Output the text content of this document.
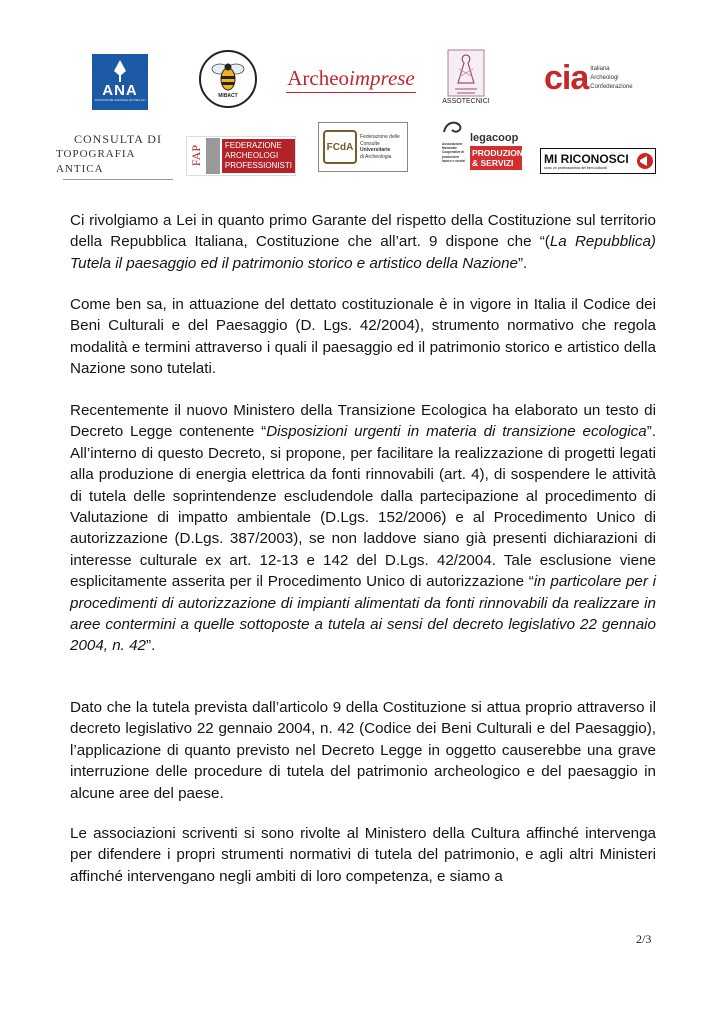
ANA
ASSOCIAZIONE NAZIONALE ARCHEOLOGI
MIBACT
Archeo imprese
ASSOTECNICI
cia Italiana
Archeologi
Confederazione
CONSULTA DI
TOPOGRAFIA ANTICA
FAP	FEDERAZIONE
ARCHEOLOGI
PROFESSIONISTI
FCdA
Federazione delle
Consulte
Universitarie
di Archeologia
Associazione Nazionale Cooperative di produzione lavoro e servizi
legacoop
PRODUZIONE
& SERVIZI	MI RICONOSCI
sono un professionista dei beni culturali

Ci rivolgiamo a Lei in quanto primo Garante del rispetto della Costituzione sul territorio della Repubblica Italiana, Costituzione che all’art. 9 dispone che “(La Repubblica) Tutela il paesaggio ed il patrimonio storico e artistico della Nazione”.

Come ben sa, in attuazione del dettato costituzionale è in vigore in Italia il Codice dei Beni Culturali e del Paesaggio (D. Lgs. 42/2004), strumento normativo che regola modalità e termini attraverso i quali il paesaggio ed il patrimonio storico e artistico della Nazione sono tutelati.

Recentemente il nuovo Ministero della Transizione Ecologica ha elaborato un testo di Decreto Legge contenente “Disposizioni urgenti in materia di transizione ecologica”. All’interno di questo Decreto, si propone, per facilitare la realizzazione di progetti legati alla produzione di energia elettrica da fonti rinnovabili (art. 4), di sospendere le attività di tutela delle soprintendenze escludendole dalla partecipazione al procedimento di Valutazione di impatto ambientale (D.Lgs. 152/2006) e al Procedimento Unico di autorizzazione (D.Lgs. 387/2003), se non laddove siano già presenti dichiarazioni di interesse culturale ex art. 12-13 e 142 del D.Lgs. 42/2004. Tale esclusione viene esplicitamente asserita per il Procedimento Unico di autorizzazione “in particolare per i procedimenti di autorizzazione di impianti alimentati da fonti rinnovabili da realizzare in aree contermini a quelle sottoposte a tutela ai sensi del decreto legislativo 22 gennaio 2004, n. 42”.

Dato che la tutela prevista dall’articolo 9 della Costituzione si attua proprio attraverso il decreto legislativo 22 gennaio 2004, n. 42 (Codice dei Beni Culturali e del Paesaggio), l’applicazione di quanto previsto nel Decreto Legge in oggetto causerebbe una grave interruzione delle procedure di tutela del patrimonio archeologico e del paesaggio in alcune aree del paese.

Le associazioni scriventi si sono rivolte al Ministero della Cultura affinché intervenga per difendere i propri strumenti normativi di tutela del patrimonio, e agli altri Ministeri affinché intervengano negli ambiti di loro competenza, e siamo a

2/3
